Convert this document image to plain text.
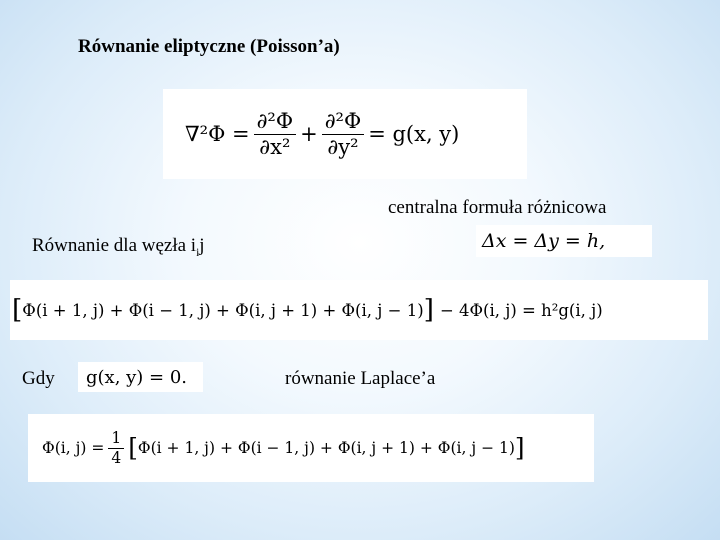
Równanie eliptyczne (Poisson’a)
$\nabla^2\Phi = \frac{\text{∂²Φ}}{\text{∂x²}} + \frac{\text{∂²Φ}}{\text{∂y²}} = g(x$, y)
centralna formuła różnicowa
Równanie dla węzła $i_ij$	Δx = Δy = h,
[ Φ(i + 1, j) + Φ(i − 1, j) + Φ(i, j + 1) + Φ(i, j − 1) ] − 4Φ(i, j) = h²g(i, j)
Gdy	g(x, y) = 0.	równanie Laplace’a
Φ(i, $j) = \frac{1}{4}$ [ Φ(i + 1, j) + Φ(i − 1, j) + Φ(i, j + 1) + Φ(i, j − 1) ]
